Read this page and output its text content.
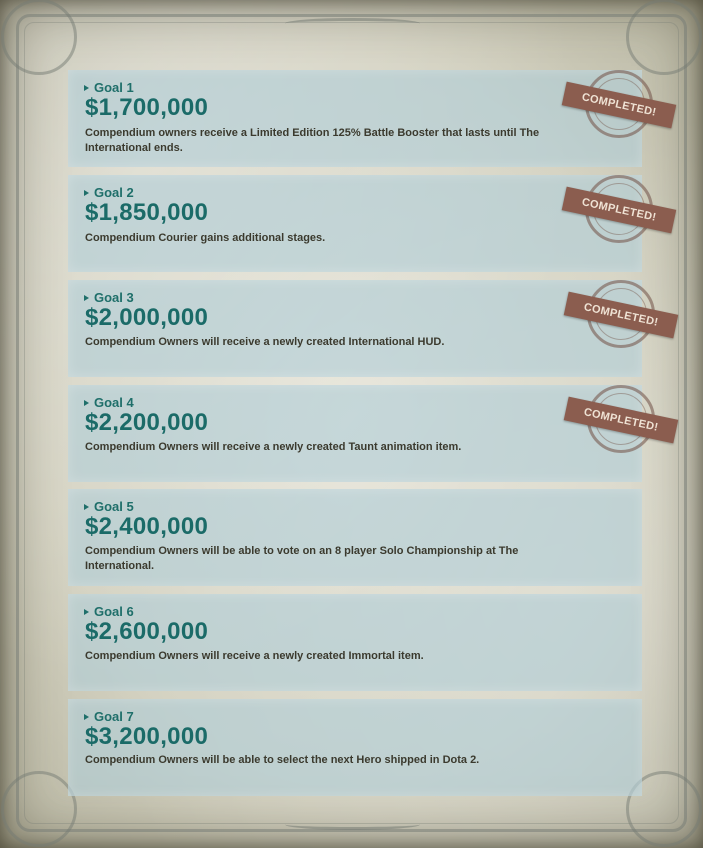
Goal 1
$1,700,000
Compendium owners receive a Limited Edition 125% Battle Booster that lasts until The International ends.
Goal 2
$1,850,000
Compendium Courier gains additional stages.
Goal 3
$2,000,000
Compendium Owners will receive a newly created International HUD.
Goal 4
$2,200,000
Compendium Owners will receive a newly created Taunt animation item.
Goal 5
$2,400,000
Compendium Owners will be able to vote on an 8 player Solo Championship at The International.
Goal 6
$2,600,000
Compendium Owners will receive a newly created Immortal item.
Goal 7
$3,200,000
Compendium Owners will be able to select the next Hero shipped in Dota 2.
COMPLETED!
COMPLETED!
COMPLETED!
COMPLETED!
